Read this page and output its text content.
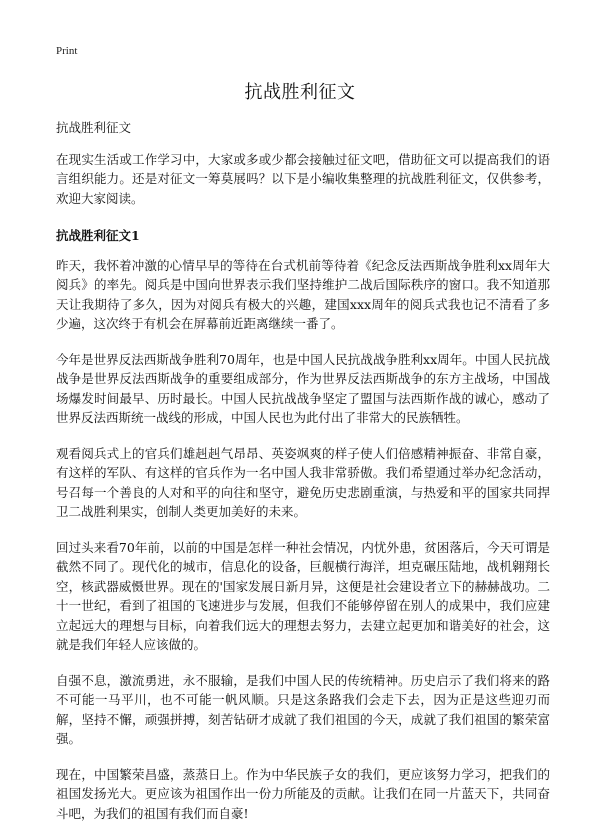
Print
抗战胜利征文

抗战胜利征文

在现实生活或工作学习中，大家或多或少都会接触过征文吧，借助征文可以提高我们的语言组织能力。还是对征文一筹莫展吗？以下是小编收集整理的抗战胜利征文，仅供参考，欢迎大家阅读。

抗战胜利征文1

昨天，我怀着冲激的心情早早的等待在台式机前等待着《纪念反法西斯战争胜利xx周年大阅兵》的率先。阅兵是中国向世界表示我们坚持维护二战后国际秩序的窗口。我不知道那天让我期待了多久，因为对阅兵有极大的兴趣，建国xxx周年的阅兵式我也记不清看了多少遍，这次终于有机会在屏幕前近距离继续一番了。

今年是世界反法西斯战争胜利70周年，也是中国人民抗战战争胜利xx周年。中国人民抗战战争是世界反法西斯战争的重要组成部分，作为世界反法西斯战争的东方主战场，中国战场爆发时间最早、历时最长。中国人民抗战战争坚定了盟国与法西斯作战的诚心，感动了世界反法西斯统一战线的形成，中国人民也为此付出了非常大的民族牺牲。

观看阅兵式上的官兵们雄赳赳气昂昂、英姿飒爽的样子使人们倍感精神振奋、非常自豪，有这样的军队、有这样的官兵作为一名中国人我非常骄傲。我们希望通过举办纪念活动，号召每一个善良的人对和平的向往和坚守，避免历史悲剧重演，与热爱和平的国家共同捍卫二战胜利果实，创制人类更加美好的未来。

回过头来看70年前，以前的中国是怎样一种社会情况，内忧外患，贫困落后，今天可谓是截然不同了。现代化的城市，信息化的设备，巨舰横行海洋，坦克碾压陆地，战机翱翔长空，核武器威慑世界。现在的'国家发展日新月异，这便是社会建设者立下的赫赫战功。二十一世纪，看到了祖国的飞速进步与发展，但我们不能够停留在别人的成果中，我们应建立起远大的理想与目标，向着我们远大的理想去努力，去建立起更加和谐美好的社会，这就是我们年轻人应该做的。

自强不息，激流勇进，永不服输，是我们中国人民的传统精神。历史启示了我们将来的路不可能一马平川，也不可能一帆风顺。只是这条路我们会走下去，因为正是这些迎刃而解，坚持不懈，顽强拼搏，刻苦钻研才成就了我们祖国的今天，成就了我们祖国的繁荣富强。

现在，中国繁荣昌盛，蒸蒸日上。作为中华民族子女的我们，更应该努力学习，把我们的祖国发扬光大。更应该为祖国作出一份力所能及的贡献。让我们在同一片蓝天下，共同奋斗吧，为我们的祖国有我们而自豪!
